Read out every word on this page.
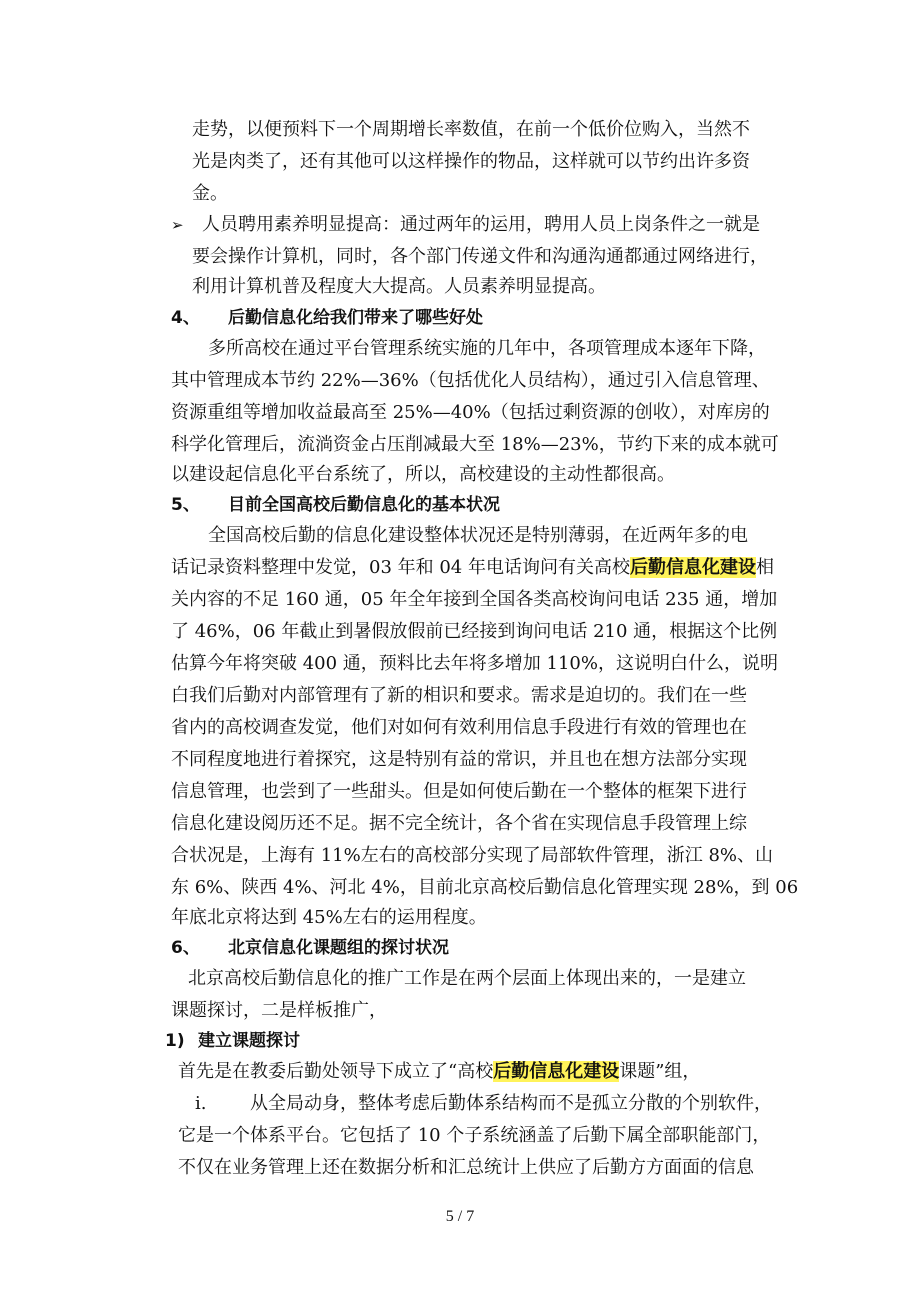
走势，以便预料下一个周期增长率数值，在前一个低价位购入，当然不
光是肉类了，还有其他可以这样操作的物品，这样就可以节约出许多资
金。
➢ 人员聘用素养明显提高：通过两年的运用，聘用人员上岗条件之一就是
要会操作计算机，同时，各个部门传递文件和沟通沟通都通过网络进行，
利用计算机普及程度大大提高。人员素养明显提高。
4、 后勤信息化给我们带来了哪些好处
多所高校在通过平台管理系统实施的几年中，各项管理成本逐年下降，
其中管理成本节约 22%—36%（包括优化人员结构），通过引入信息管理、
资源重组等增加收益最高至 25%—40%（包括过剩资源的创收），对库房的
科学化管理后，流淌资金占压削减最大至 18%—23%，节约下来的成本就可
以建设起信息化平台系统了，所以，高校建设的主动性都很高。
5、 目前全国高校后勤信息化的基本状况
全国高校后勤的信息化建设整体状况还是特别薄弱，在近两年多的电
话记录资料整理中发觉，03 年和 04 年电话询问有关高校后勤信息化建设相
关内容的不足 160 通，05 年全年接到全国各类高校询问电话 235 通，增加
了 46%，06 年截止到暑假放假前已经接到询问电话 210 通，根据这个比例
估算今年将突破 400 通，预料比去年将多增加 110%，这说明白什么，说明
白我们后勤对内部管理有了新的相识和要求。需求是迫切的。我们在一些
省内的高校调查发觉，他们对如何有效利用信息手段进行有效的管理也在
不同程度地进行着探究，这是特别有益的常识，并且也在想方法部分实现
信息管理，也尝到了一些甜头。但是如何使后勤在一个整体的框架下进行
信息化建设阅历还不足。据不完全统计，各个省在实现信息手段管理上综
合状况是，上海有 11%左右的高校部分实现了局部软件管理，浙江 8%、山
东 6%、陕西 4%、河北 4%，目前北京高校后勤信息化管理实现 28%，到 06
年底北京将达到 45%左右的运用程度。
6、 北京信息化课题组的探讨状况
北京高校后勤信息化的推广工作是在两个层面上体现出来的，一是建立
课题探讨，二是样板推广，
1) 建立课题探讨
首先是在教委后勤处领导下成立了“高校后勤信息化建设课题”组，
i. 从全局动身，整体考虑后勤体系结构而不是孤立分散的个别软件，
它是一个体系平台。它包括了 10 个子系统涵盖了后勤下属全部职能部门，
不仅在业务管理上还在数据分析和汇总统计上供应了后勤方方面面的信息
5 / 7
